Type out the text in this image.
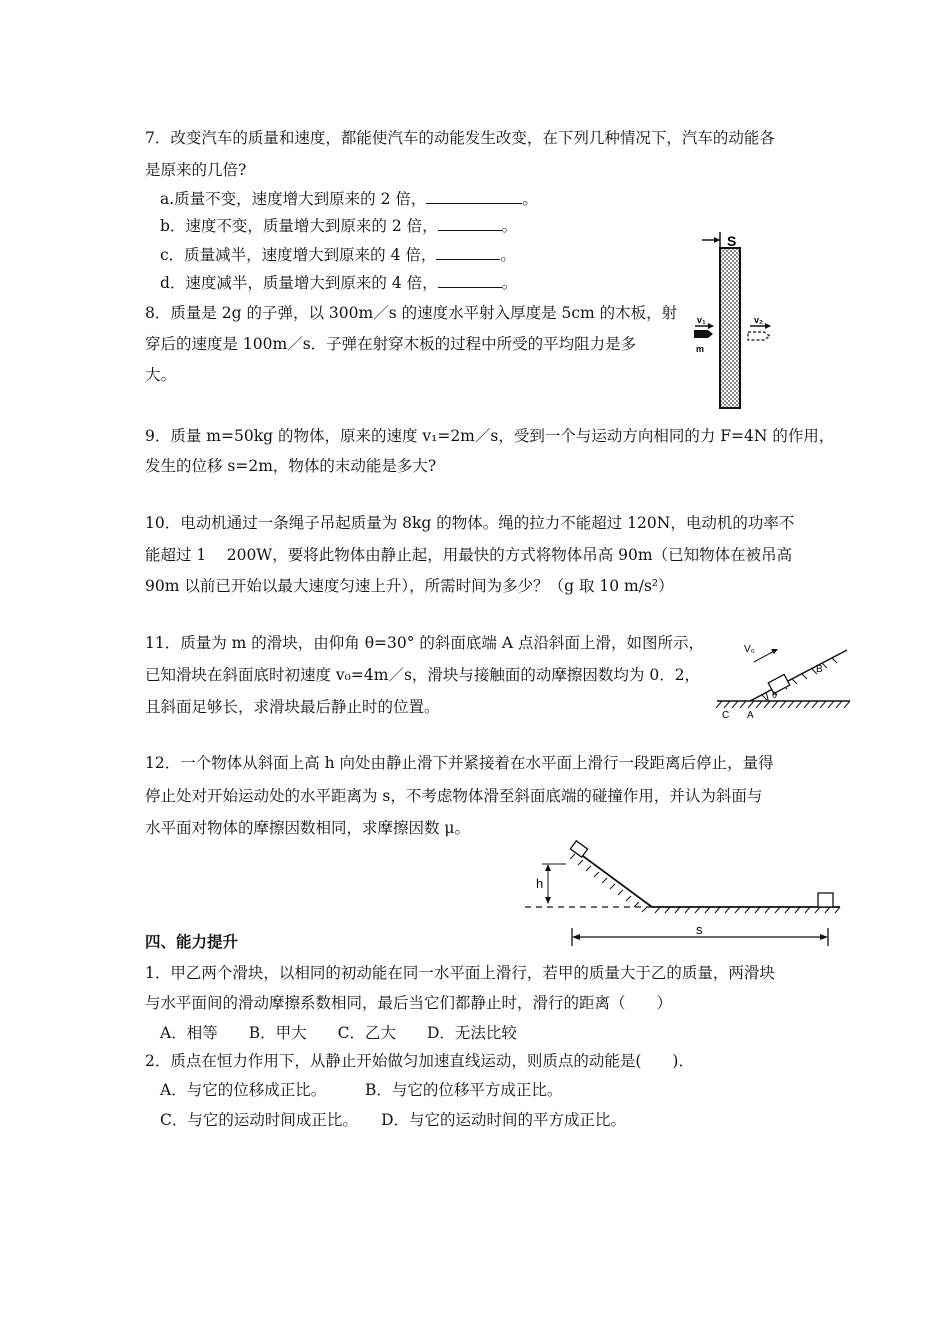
7．改变汽车的质量和速度，都能使汽车的动能发生改变，在下列几种情况下，汽车的动能各
是原来的几倍?
a.质量不变，速度增大到原来的 2 倍，	。
b．速度不变，质量增大到原来的 2 倍，	。
c．质量减半，速度增大到原来的 4 倍，	。
d．速度减半，质量增大到原来的 4 倍，	。
8．质量是 2g 的子弹，以 300m／s 的速度水平射入厚度是 5cm 的木板，射
穿后的速度是 100m／s．子弹在射穿木板的过程中所受的平均阻力是多
大。
S
v₁
m
v₂
9．质量 m=50kg 的物体，原来的速度 v₁=2m／s，受到一个与运动方向相同的力 F=4N 的作用，
发生的位移 s=2m，物体的末动能是多大?
10．电动机通过一条绳子吊起质量为 8kg 的物体。绳的拉力不能超过 120N，电动机的功率不
能超过 1　 200W，要将此物体由静止起，用最快的方式将物体吊高 90m（已知物体在被吊高
90m 以前已开始以最大速度匀速上升），所需时间为多少？（g 取 10 m/s²）
11．质量为 m 的滑块，由仰角 θ=30° 的斜面底端 A 点沿斜面上滑，如图所示，
已知滑块在斜面底时初速度 v₀=4m／s，滑块与接触面的动摩擦因数均为 0．2，
且斜面足够长，求滑块最后静止时的位置。
V₀
B
θ
C A
12．一个物体从斜面上高 h 向处由静止滑下并紧接着在水平面上滑行一段距离后停止，量得
停止处对开始运动处的水平距离为 s，不考虑物体滑至斜面底端的碰撞作用，并认为斜面与
水平面对物体的摩擦因数相同，求摩擦因数 μ。
h
s
四、能力提升
1．甲乙两个滑块，以相同的初动能在同一水平面上滑行，若甲的质量大于乙的质量，两滑块
与水平面间的滑动摩擦系数相同，最后当它们都静止时，滑行的距离（　　）
A．相等　　B．甲大　　C．乙大　　D．无法比较
2．质点在恒力作用下，从静止开始做匀加速直线运动，则质点的动能是(　　)．
A．与它的位移成正比。　　　B．与它的位移平方成正比。
C．与它的运动时间成正比。　　D．与它的运动时间的平方成正比。
